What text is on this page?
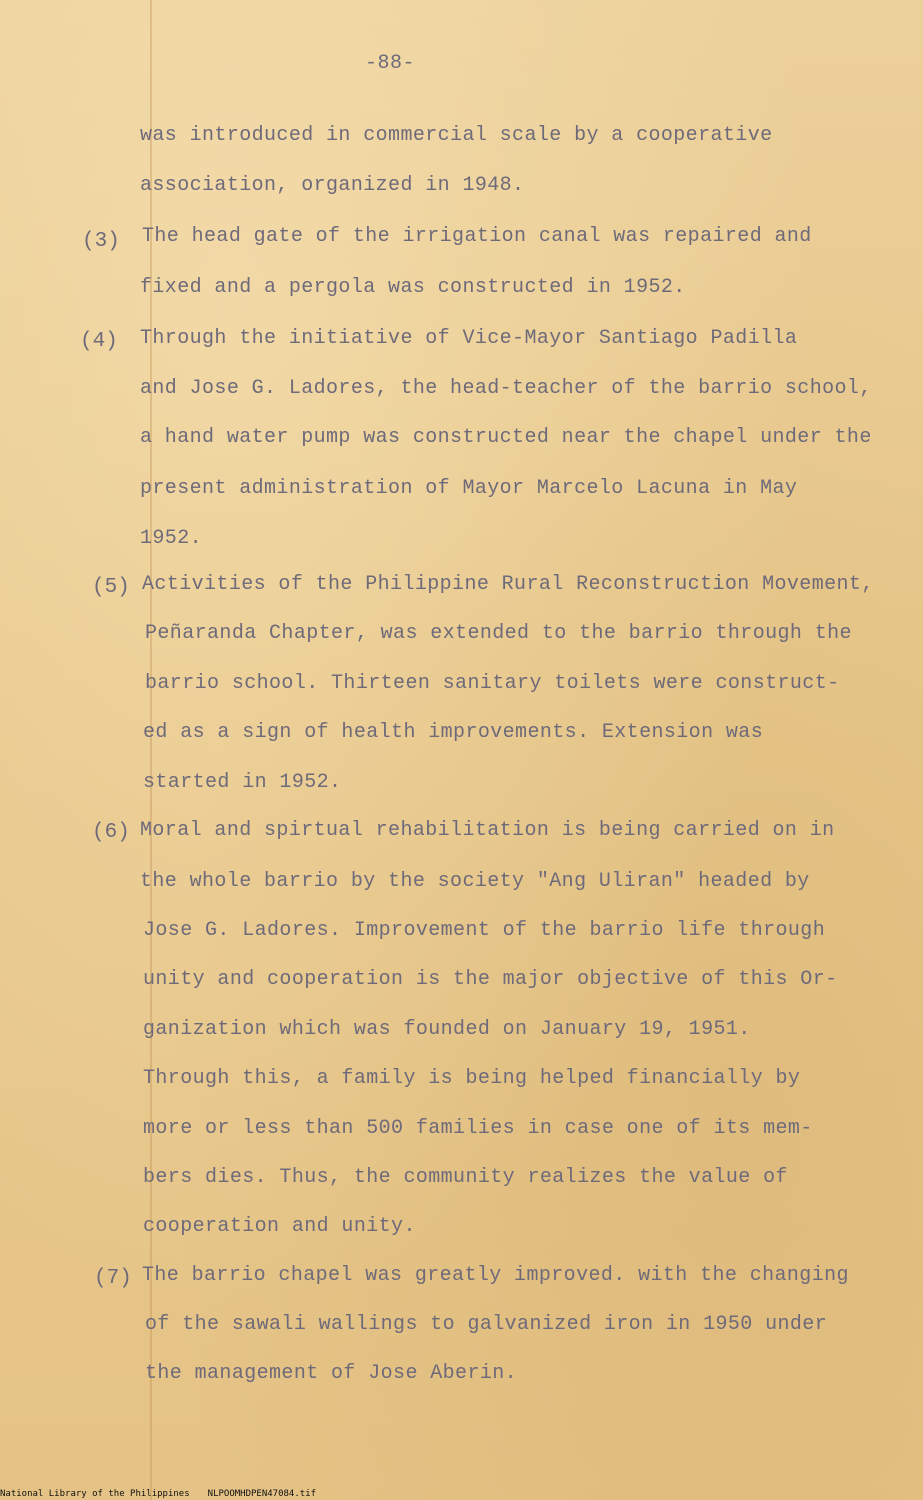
-88-
was introduced in commercial scale by a cooperative
association, organized in 1948.
(3) The head gate of the irrigation canal was repaired and
fixed and a pergola was constructed in 1952.
(4) Through the initiative of Vice-Mayor Santiago Padilla
and Jose G. Ladores, the head-teacher of the barrio school,
a hand water pump was constructed near the chapel under the
present administration of Mayor Marcelo Lacuna in May
1952.
(5) Activities of the Philippine Rural Reconstruction Movement,
Peñaranda Chapter, was extended to the barrio through the
barrio school. Thirteen sanitary toilets were construct-
ed as a sign of health improvements. Extension was
started in 1952.
(6) Moral and spirtual rehabilitation is being carried on in
the whole barrio by the society "Ang Uliran" headed by
Jose G. Ladores. Improvement of the barrio life through
unity and cooperation is the major objective of this Or-
ganization which was founded on January 19, 1951.
Through this, a family is being helped financially by
more or less than 500 families in case one of its mem-
bers dies. Thus, the community realizes the value of
cooperation and unity.
(7) The barrio chapel was greatly improved. with the changing
of the sawali wallings to galvanized iron in 1950 under
the management of Jose Aberin.
National Library of the Philippines NLPOOMHDPEN47084.tif
